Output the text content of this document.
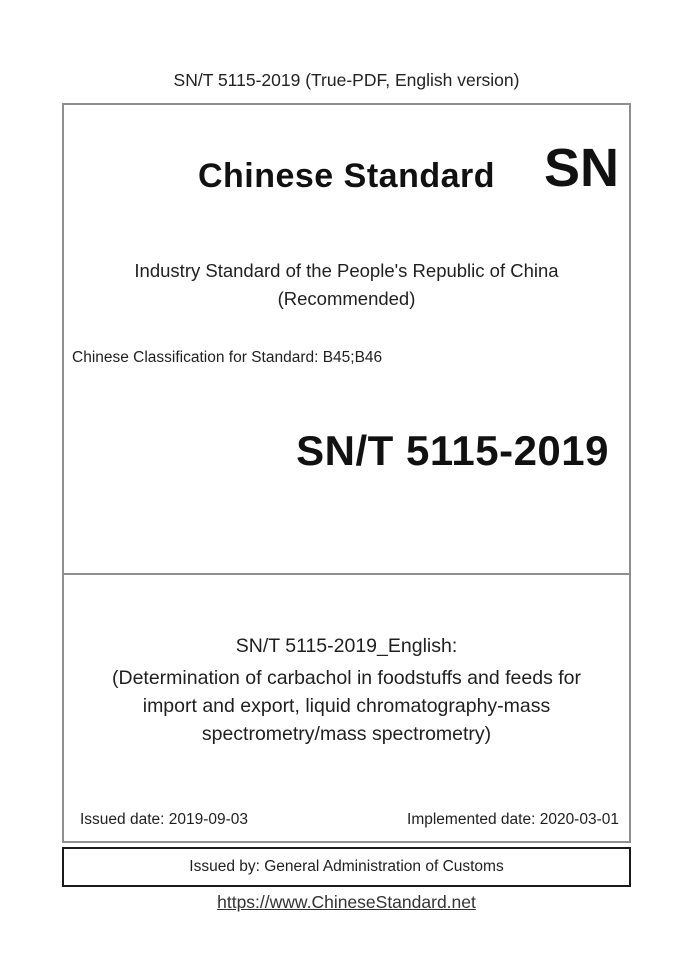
SN/T 5115-2019 (True-PDF, English version)
Chinese Standard SN
Industry Standard of the People's Republic of China
(Recommended)
Chinese Classification for Standard: B45;B46
SN/T 5115-2019
SN/T 5115-2019_English:
(Determination of carbachol in foodstuffs and feeds for import and export, liquid chromatography-mass spectrometry/mass spectrometry)
Issued date: 2019-09-03	Implemented date: 2020-03-01
Issued by: General Administration of Customs
https://www.ChineseStandard.net
